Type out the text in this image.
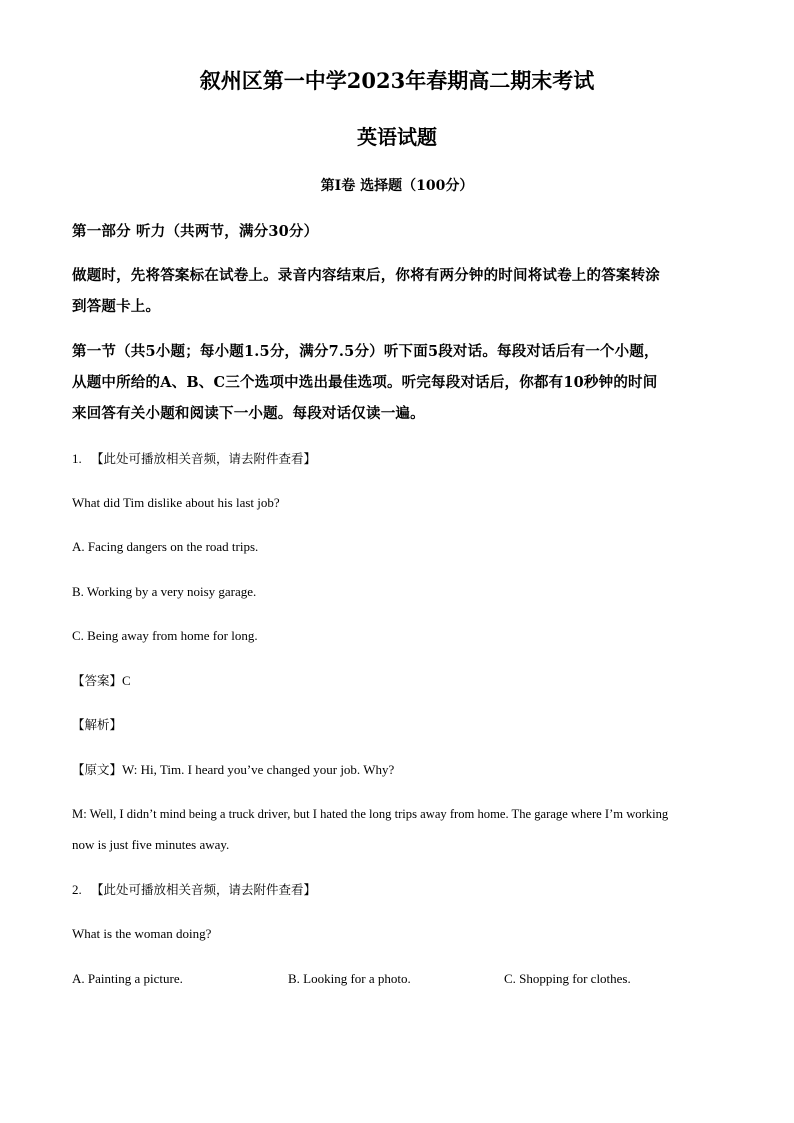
叙州区第一中学2023年春期高二期末考试
英语试题
第I卷 选择题（100分）
第一部分 听力（共两节，满分30分）
做题时，先将答案标在试卷上。录音内容结束后，你将有两分钟的时间将试卷上的答案转涂
到答题卡上。
第一节（共5小题；每小题1.5分，满分7.5分）听下面5段对话。每段对话后有一个小题，
从题中所给的A、B、C三个选项中选出最佳选项。听完每段对话后，你都有10秒钟的时间
来回答有关小题和阅读下一小题。每段对话仅读一遍。
1. 【此处可播放相关音频，请去附件查看】
What did Tim dislike about his last job?
A. Facing dangers on the road trips.
B. Working by a very noisy garage.
C. Being away from home for long.
【答案】C
【解析】
【原文】W: Hi, Tim. I heard you’ve changed your job. Why?
M: Well, I didn’t mind being a truck driver, but I hated the long trips away from home. The garage where I’m working
now is just five minutes away.
2. 【此处可播放相关音频，请去附件查看】
What is the woman doing?
A. Painting a picture.	B. Looking for a photo.	C. Shopping for clothes.
